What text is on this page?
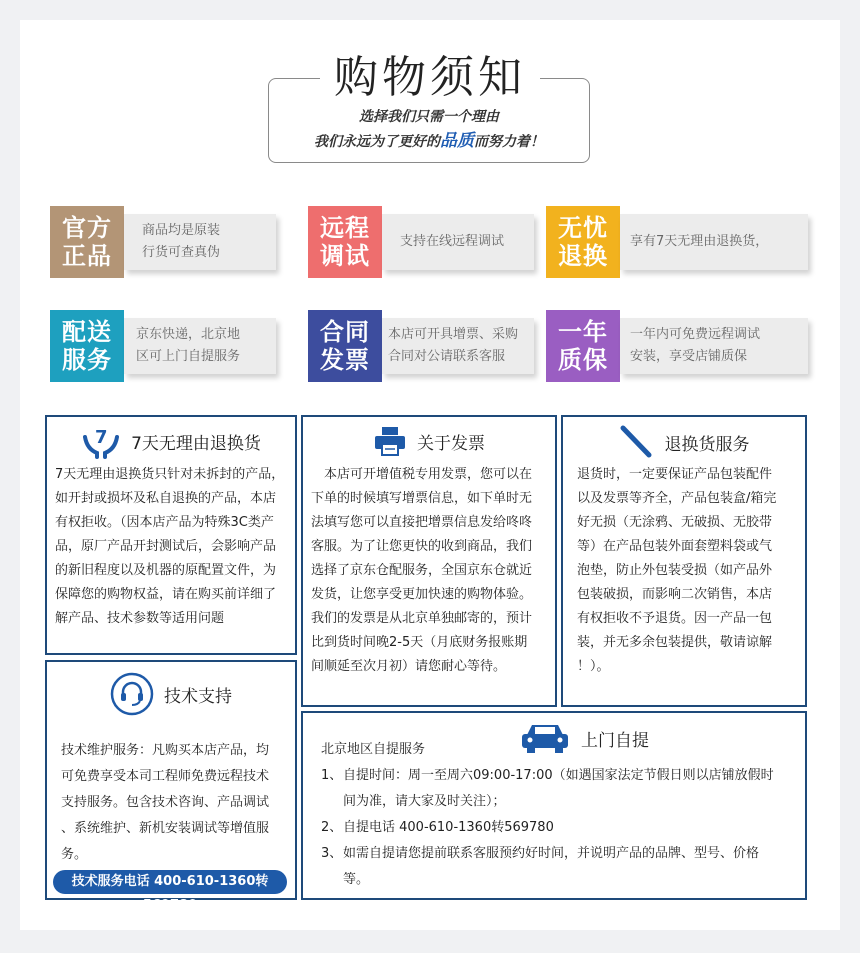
购物须知
选择我们只需一个理由
我们永远为了更好的品质而努力着！
官方
正品
商品均是原装
行货可查真伪
远程
调试
支持在线远程调试	无忧
退换
享有7天无理由退换货，
配送
服务
京东快递，北京地
区可上门自提服务
合同
发票
本店可开具增票、采购
合同对公请联系客服
一年
质保
一年内可免费远程调试
安装，享受店铺质保
7 7天无理由退换货
7天无理由退换货只针对未拆封的产品，
如开封或损坏及私自退换的产品，本店
有权拒收。（因本店产品为特殊3C类产
品，原厂产品开封测试后，会影响产品
的新旧程度以及机器的原配置文件，为
保障您的购物权益，请在购买前详细了
解产品、技术参数等适用问题
关于发票
　本店可开增值税专用发票，您可以在
下单的时候填写增票信息，如下单时无
法填写您可以直接把增票信息发给咚咚
客服。为了让您更快的收到商品，我们
选择了京东仓配服务，全国京东仓就近
发货，让您享受更加快速的购物体验。
我们的发票是从北京单独邮寄的，预计
比到货时间晚2-5天（月底财务报账期
间顺延至次月初）请您耐心等待。
退换货服务
退货时，一定要保证产品包装配件
以及发票等齐全，产品包装盒/箱完
好无损（无涂鸦、无破损、无胶带
等）在产品包装外面套塑料袋或气
泡垫，防止外包装受损（如产品外
包装破损，而影响二次销售，本店
有权拒收不予退货。因一产品一包
装，并无多余包装提供，敬请谅解
！）。
技术支持
技术维护服务：凡购买本店产品，均
可免费享受本司工程师免费远程技术
支持服务。包含技术咨询、产品调试
、系统维护、新机安装调试等增值服
务。
技术服务电话 400-610-1360转569780
上门自提
北京地区自提服务
1、 自提时间：周一至周六09:00-17:00（如遇国家法定节假日则以店铺放假时
间为准，请大家及时关注）；
2、 自提电话 400-610-1360转569780
3、 如需自提请您提前联系客服预约好时间，并说明产品的品牌、型号、价格
等。
